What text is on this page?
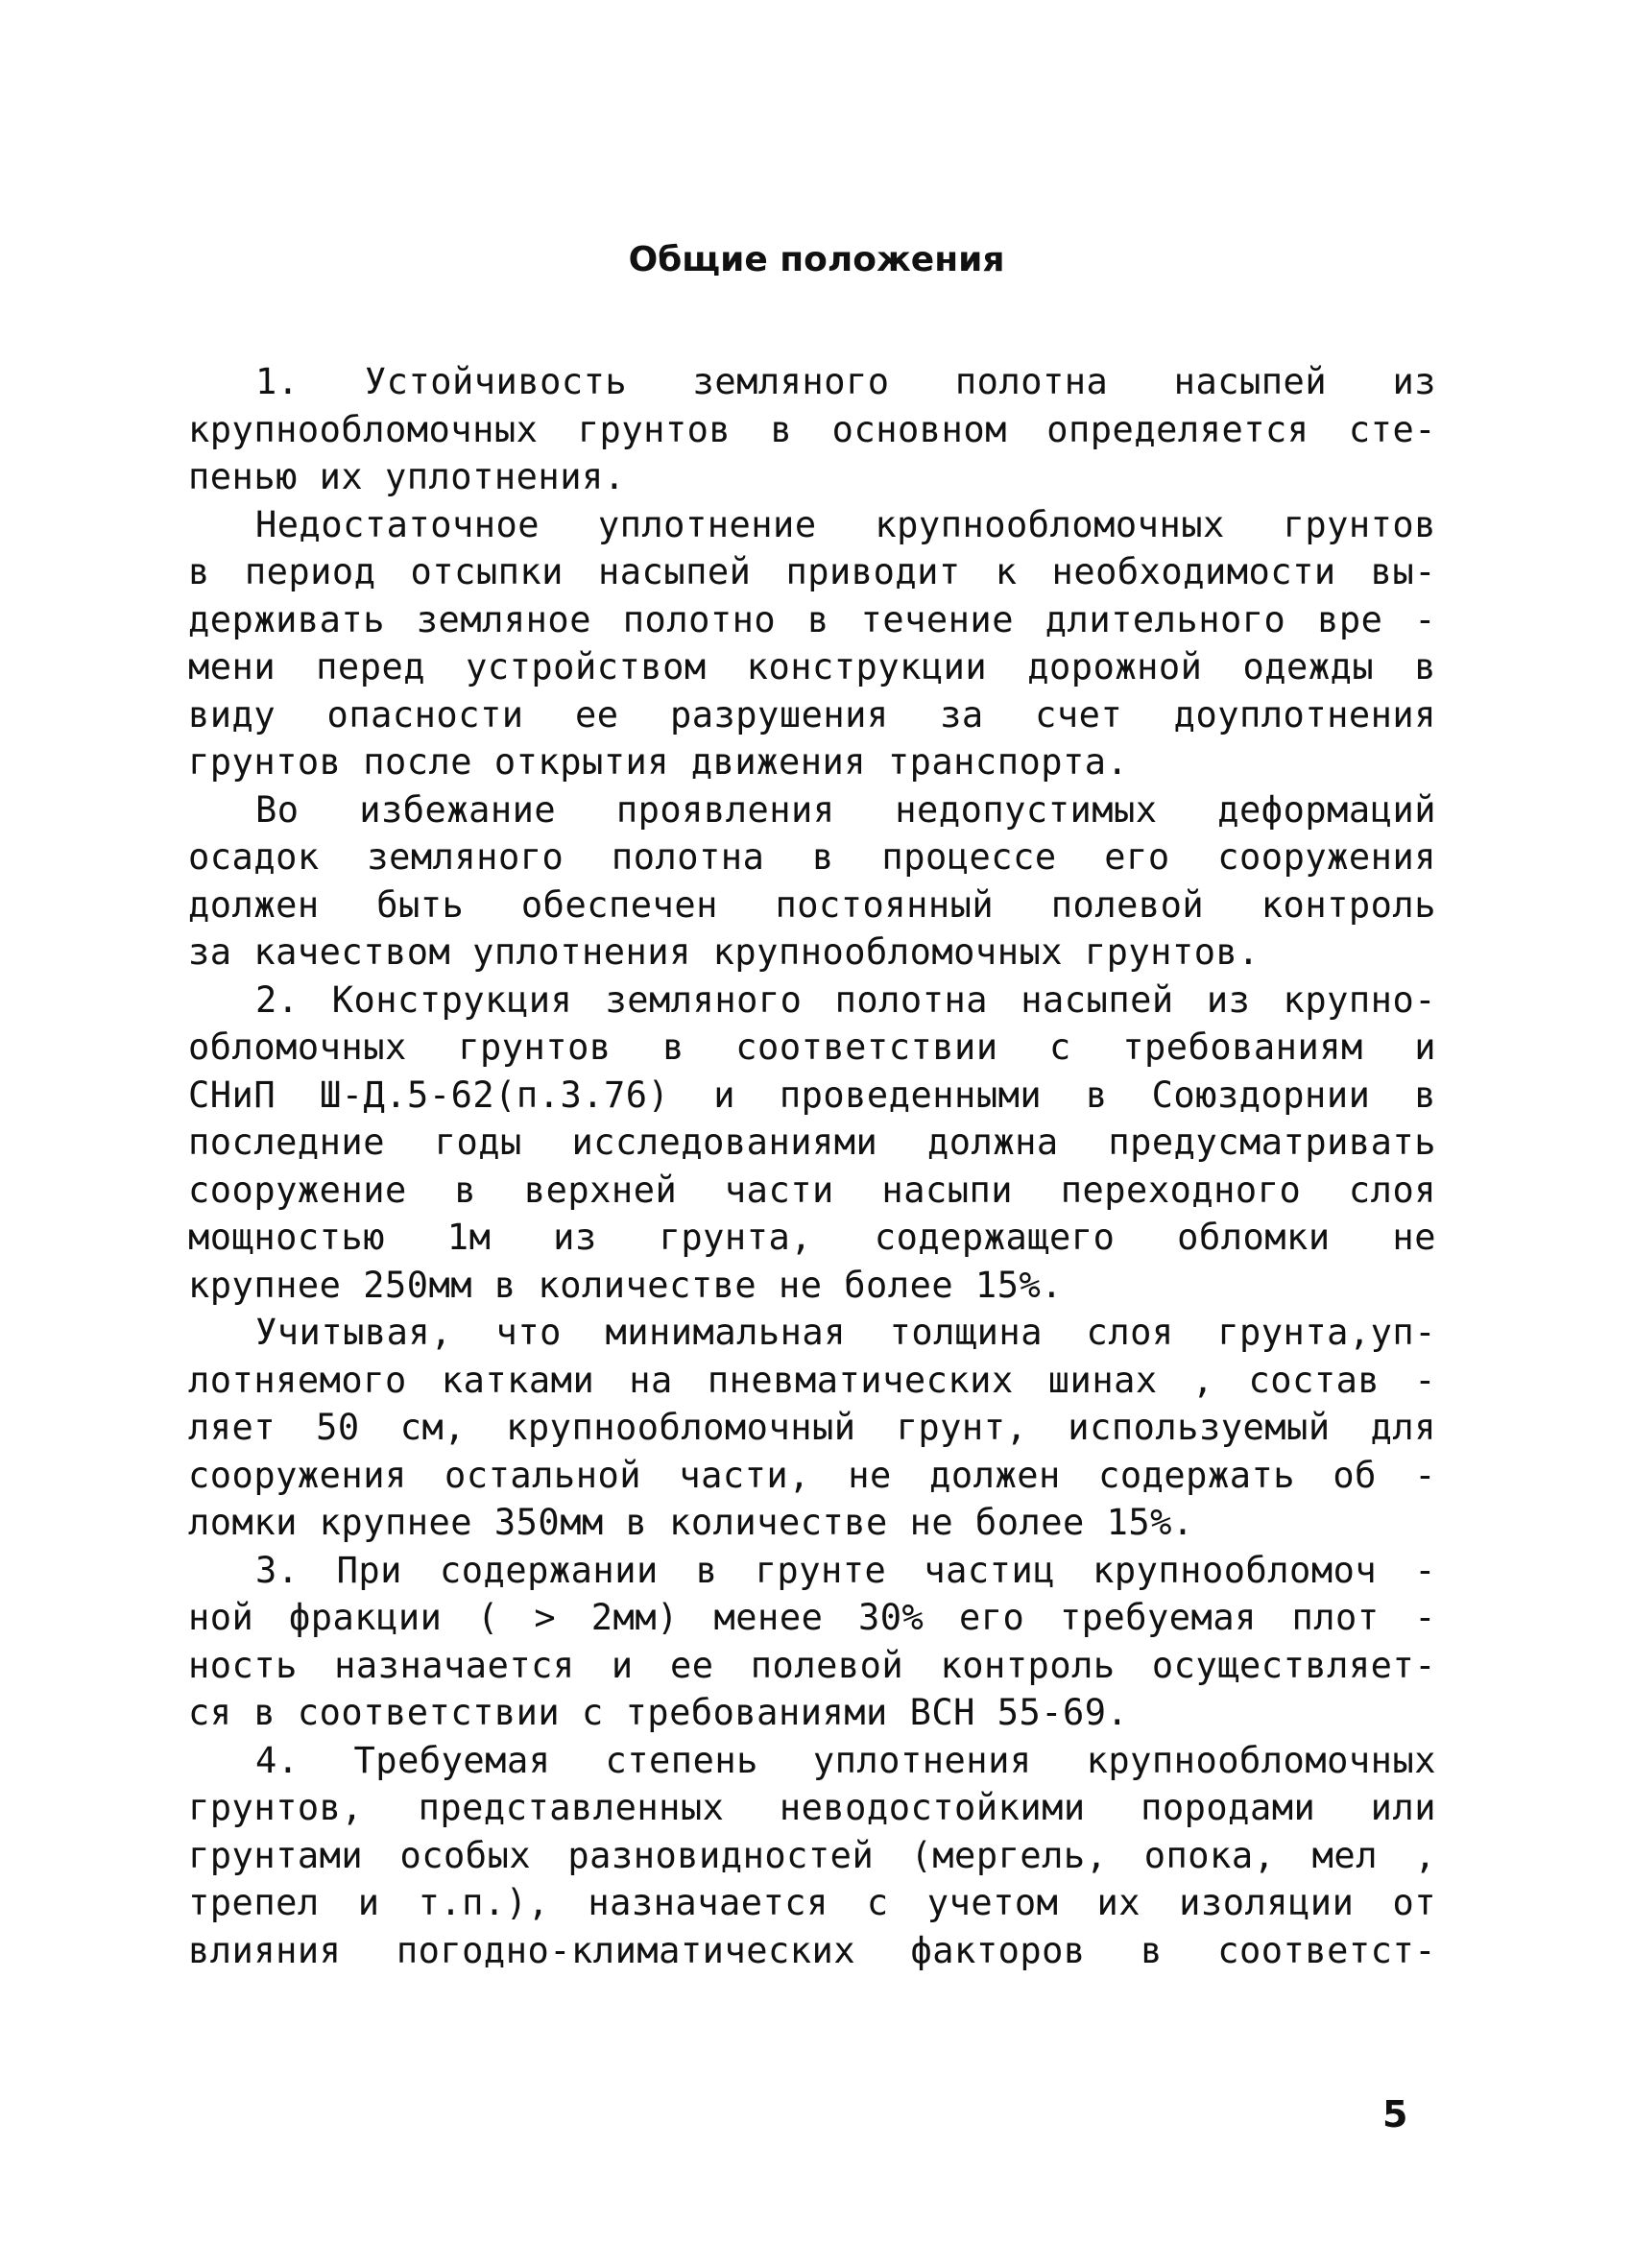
Общие положения
1. Устойчивость земляного полотна насыпей из
крупнообломочных грунтов в основном определяется сте-
пенью их уплотнения.
Недостаточное уплотнение крупнообломочных грунтов
в период отсыпки насыпей приводит к необходимости вы-
держивать земляное полотно в течение длительного вре -
мени перед устройством конструкции дорожной одежды в
виду опасности ее разрушения за счет доуплотнения
грунтов после открытия движения транспорта.
Во избежание проявления недопустимых деформаций
осадок земляного полотна в процессе его сооружения
должен быть обеспечен постоянный полевой контроль
за качеством уплотнения крупнообломочных грунтов.
2. Конструкция земляного полотна насыпей из крупно-
обломочных грунтов в соответствии с требованиям и
СНиП Ш-Д.5-62(п.3.76) и проведенными в Союздорнии в
последние годы исследованиями должна предусматривать
сооружение в верхней части насыпи переходного слоя
мощностью 1м из грунта, содержащего обломки не
крупнее 250мм в количестве не более 15%.
Учитывая, что минимальная толщина слоя грунта,уп-
лотняемого катками на пневматических шинах , состав -
ляет 50 см, крупнообломочный грунт, используемый для
сооружения остальной части, не должен содержать об -
ломки крупнее 350мм в количестве не более 15%.
3. При содержании в грунте частиц крупнообломоч -
ной фракции ( > 2мм) менее 30% его требуемая плот -
ность назначается и ее полевой контроль осуществляет-
ся в соответствии с требованиями ВСН 55-69.
4. Требуемая степень уплотнения крупнообломочных
грунтов, представленных неводостойкими породами или
грунтами особых разновидностей (мергель, опока, мел ,
трепел и т.п.), назначается с учетом их изоляции от
влияния погодно-климатических факторов в соответст-
5
